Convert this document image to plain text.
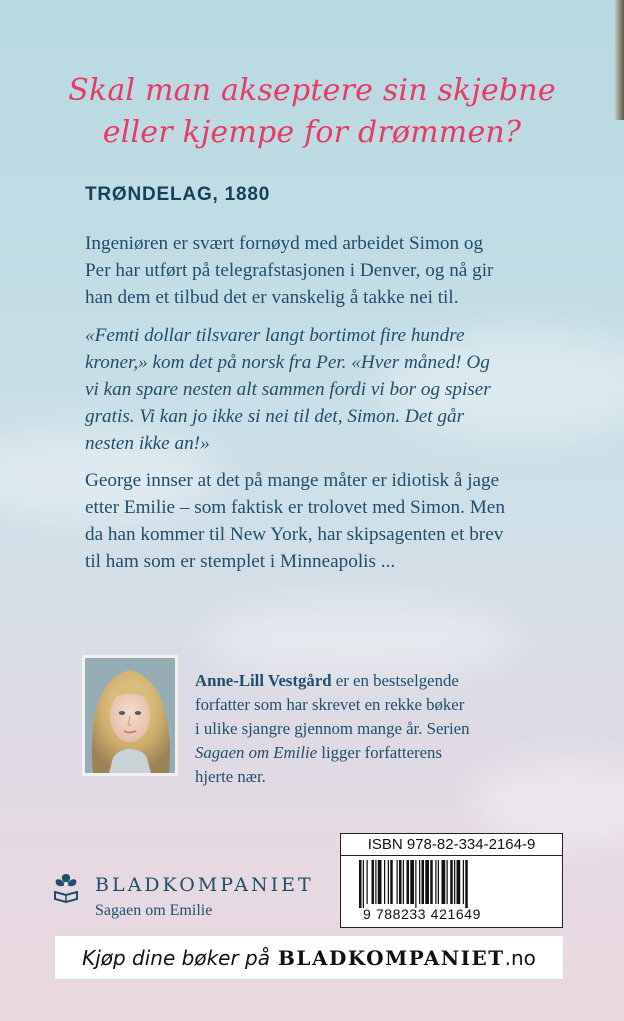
Skal man akseptere sin skjebne
eller kjempe for drømmen?
TRØNDELAG, 1880
Ingeniøren er svært fornøyd med arbeidet Simon og
Per har utført på telegrafstasjonen i Denver, og nå gir
han dem et tilbud det er vanskelig å takke nei til.
«Femti dollar tilsvarer langt bortimot fire hundre
kroner,» kom det på norsk fra Per. «Hver måned! Og
vi kan spare nesten alt sammen fordi vi bor og spiser
gratis. Vi kan jo ikke si nei til det, Simon. Det går
nesten ikke an!»
George innser at det på mange måter er idiotisk å jage
etter Emilie – som faktisk er trolovet med Simon. Men
da han kommer til New York, har skipsagenten et brev
til ham som er stemplet i Minneapolis ...
Anne-Lill Vestgård er en bestselgende
forfatter som har skrevet en rekke bøker
i ulike sjangre gjennom mange år. Serien
Sagaen om Emilie ligger forfatterens
hjerte nær.
ISBN 978-82-334-2164-9
9 788233 421649
BLADKOMPANIET
Sagaen om Emilie
Kjøp dine bøker på BLADKOMPANIET .no
